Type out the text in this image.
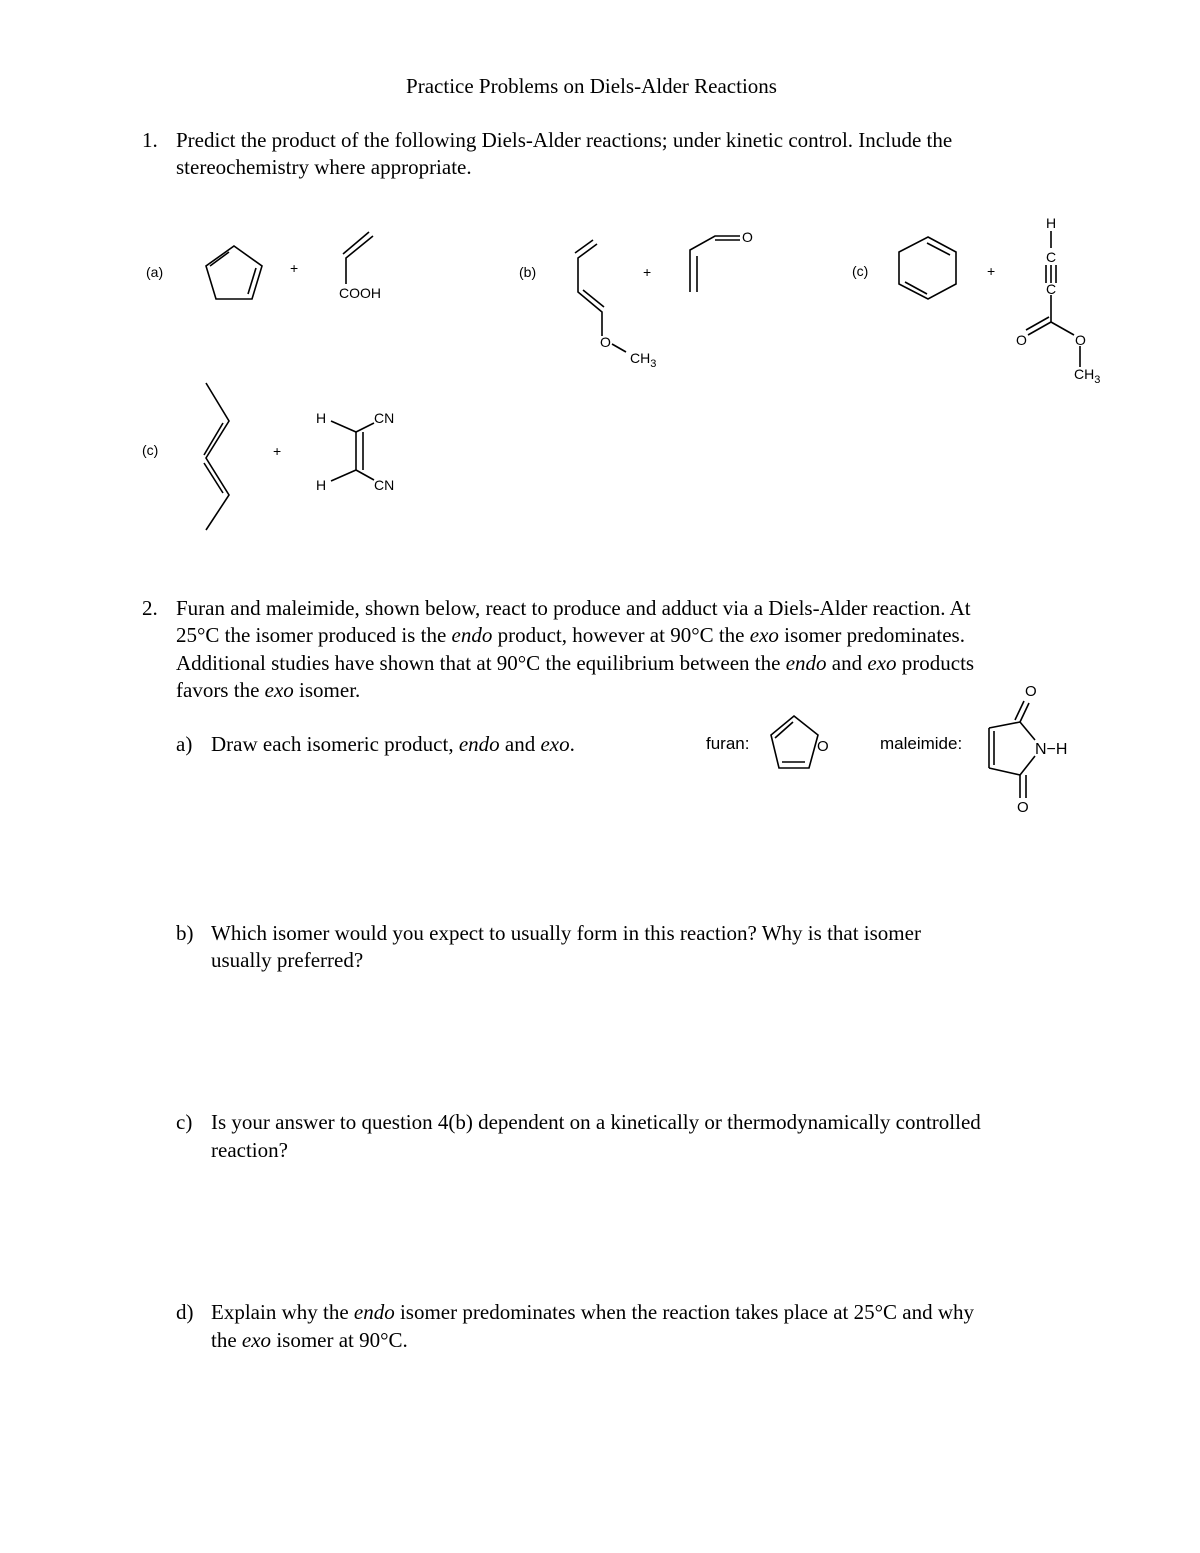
Practice Problems on Diels-Alder Reactions
1. Predict the product of the following Diels-Alder reactions; under kinetic control. Include the
stereochemistry where appropriate.
(a)	+
COOH
(b)	+
O
O
$CH_3$
(c)	+
H
C
C
O	O
$CH_3$
(c)	+
H	CN
H	CN
2. Furan and maleimide, shown below, react to produce and adduct via a Diels-Alder reaction. At
25°C the isomer produced is the endo product, however at 90°C the exo isomer predominates.
Additional studies have shown that at 90°C the equilibrium between the endo and exo products
favors the exo isomer.
a) Draw each isomeric product, endo and exo.	furan:	O	maleimide:
O
O
N−H
b) Which isomer would you expect to usually form in this reaction? Why is that isomer
usually preferred?
c) Is your answer to question 4(b) dependent on a kinetically or thermodynamically controlled
reaction?
d) Explain why the endo isomer predominates when the reaction takes place at 25°C and why
the exo isomer at 90°C.
